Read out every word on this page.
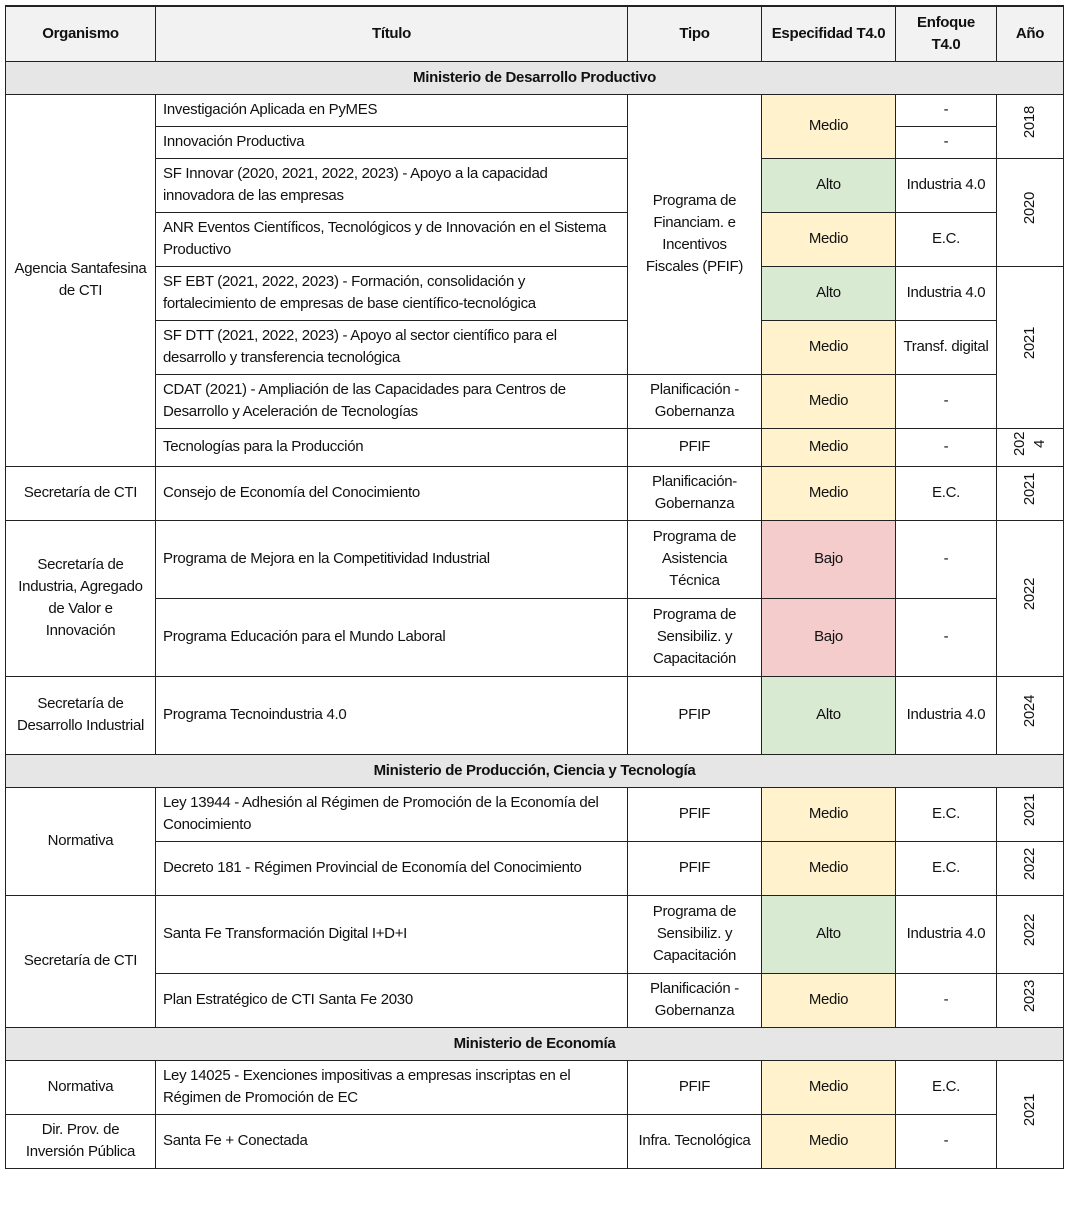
Organismo	Título	Tipo	Especifidad T4.0	Enfoque T4.0	Año
Ministerio de Desarrollo Productivo					
Agencia Santafesina de CTI	Investigación Aplicada en PyMES	Programa de Financiam. e Incentivos Fiscales (PFIF)	Medio	-	2018
	Innovación Productiva			-	
	SF Innovar (2020, 2021, 2022, 2023) - Apoyo a la capacidad innovadora de las empresas		Alto	Industria 4.0	2020
	ANR Eventos Científicos, Tecnológicos y de Innovación en el Sistema Productivo		Medio	E.C.	
	SF EBT (2021, 2022, 2023) - Formación, consolidación y fortalecimiento de empresas de base científico-tecnológica		Alto	Industria 4.0	2021
	SF DTT (2021, 2022, 2023) - Apoyo al sector científico para el desarrollo y transferencia tecnológica		Medio	Transf. digital	
	CDAT (2021) - Ampliación de las Capacidades para Centros de Desarrollo y Aceleración de Tecnologías	Planificación - Gobernanza	Medio	-	
	Tecnologías para la Producción	PFIF	Medio	-	2024
Secretaría de CTI	Consejo de Economía del Conocimiento	Planificación-Gobernanza	Medio	E.C.	2021
Secretaría de Industria, Agregado de Valor e Innovación	Programa de Mejora en la Competitividad Industrial	Programa de Asistencia Técnica	Bajo	-	2022
	Programa Educación para el Mundo Laboral	Programa de Sensibiliz. y Capacitación	Bajo	-	
Secretaría de Desarrollo Industrial	Programa Tecnoindustria 4.0	PFIP	Alto	Industria 4.0	2024
Ministerio de Producción, Ciencia y Tecnología					
Normativa	Ley 13944 - Adhesión al Régimen de Promoción de la Economía del Conocimiento	PFIF	Medio	E.C.	2021
	Decreto 181 - Régimen Provincial de Economía del Conocimiento	PFIF	Medio	E.C.	2022
Secretaría de CTI	Santa Fe Transformación Digital I+D+I	Programa de Sensibiliz. y Capacitación	Alto	Industria 4.0	2022
	Plan Estratégico de CTI Santa Fe 2030	Planificación - Gobernanza	Medio	-	2023
Ministerio de Economía					
Normativa	Ley 14025 - Exenciones impositivas a empresas inscriptas en el Régimen de Promoción de EC	PFIF	Medio	E.C.	2021
Dir. Prov. de Inversión Pública	Santa Fe + Conectada	Infra. Tecnológica	Medio	-	
